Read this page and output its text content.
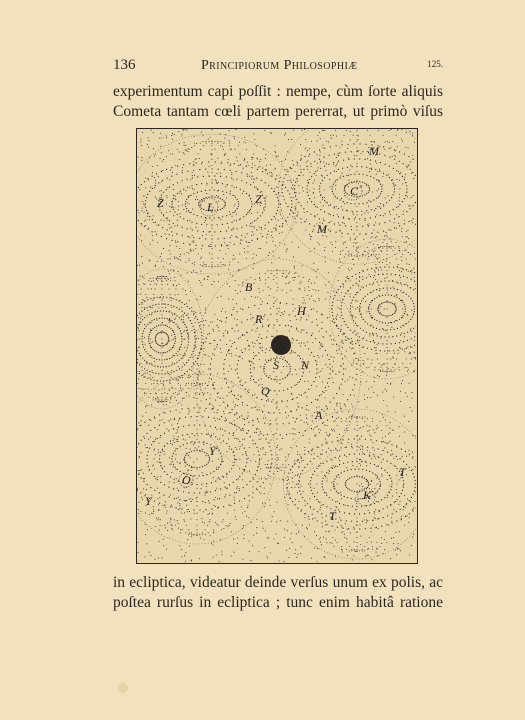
136	Principiorum Philosophiæ	125.
experimentum capi poſſit : nempe, cùm ſorte aliquis
Cometa tantam cœli partem pererrat, ut primò viſus
Z	L
Z
M
C
M
B
R
H
S
S N
Q
A
Y
O
Y
T
K
T
in ecliptica, videatur deinde verſus unum ex polis, ac
poſtea rurſus in ecliptica ; tunc enim habitâ ratione
